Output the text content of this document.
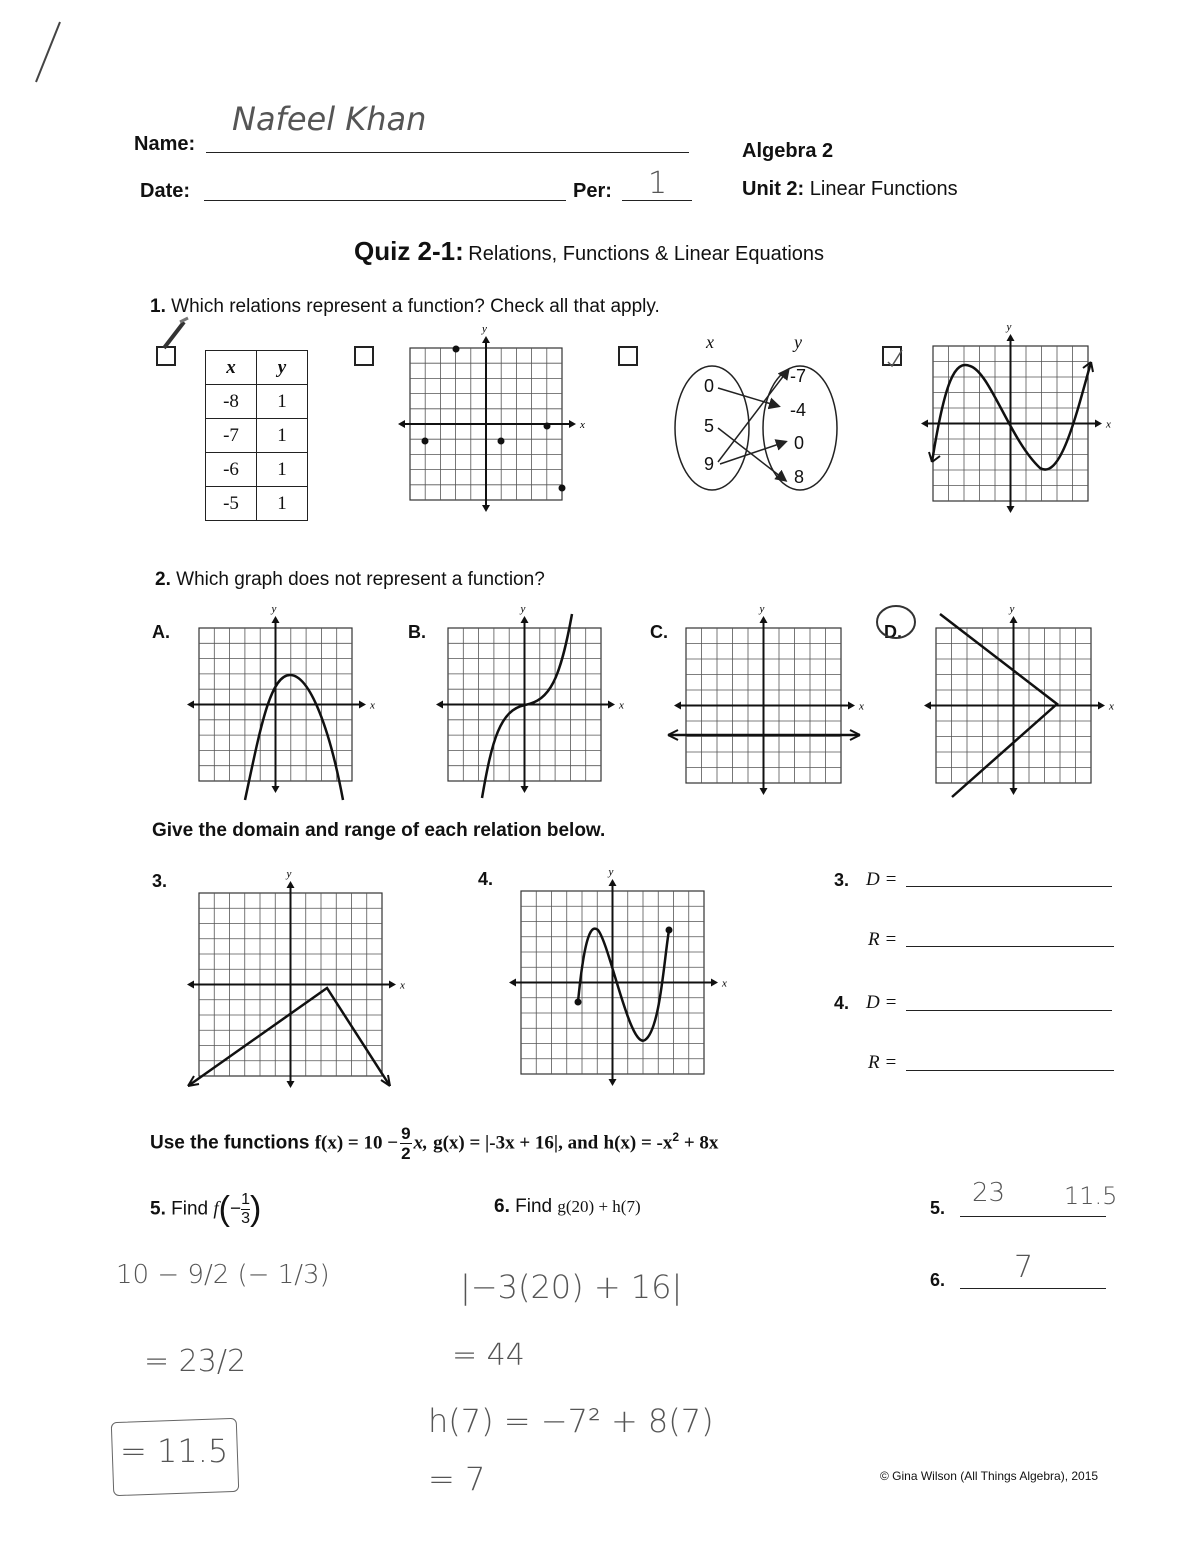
Name:
Nafeel Khan
Date:	Per: 1
Algebra 2
Unit 2: Linear Functions
Quiz 2-1: Relations, Functions & Linear Equations
1. Which relations represent a function? Check all that apply.
x	y
-8	1
-7	1
-6	1
-5	1
x
y
x	y
0
5
9
-7
-4
0
8
x
y
2. Which graph does not represent a function?
A.	B.	C.	D.
x
y
x
y
x
y
x
y
Give the domain and range of each relation below.
3.	4.
x
y
x
y	3. D =
R =
4. D =
R =
Use the functions $f(x) = 10 - \frac{9}{2} x$, g(x) = |-3x + 16|, and $h(x) = -x^2 + 8x$
5. Find $f(- \frac{1}{3}$ )	6. Find g(20) + h(7)	5. 23 11.5
6. 7
10 − 9/2 (− 1/3)
= 23/2
= 11.5
|−3(20) + 16|
= 44
h(7) = −7² + 8(7)
= 7	© Gina Wilson (All Things Algebra), 2015
